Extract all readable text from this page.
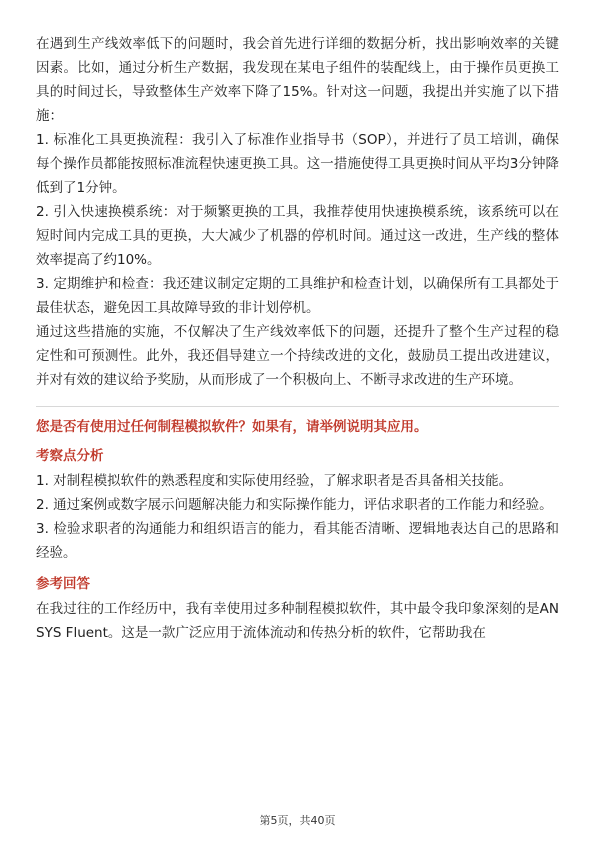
在遇到生产线效率低下的问题时，我会首先进行详细的数据分析，找出影响效率的关键因素。比如，通过分析生产数据，我发现在某电子组件的装配线上，由于操作员更换工具的时间过长，导致整体生产效率下降了15%。针对这一问题，我提出并实施了以下措施：

1. 标准化工具更换流程：我引入了标准作业指导书（SOP），并进行了员工培训，确保每个操作员都能按照标准流程快速更换工具。这一措施使得工具更换时间从平均3分钟降低到了1分钟。

2. 引入快速换模系统：对于频繁更换的工具，我推荐使用快速换模系统，该系统可以在短时间内完成工具的更换，大大减少了机器的停机时间。通过这一改进，生产线的整体效率提高了约10%。

3. 定期维护和检查：我还建议制定定期的工具维护和检查计划，以确保所有工具都处于最佳状态，避免因工具故障导致的非计划停机。

通过这些措施的实施，不仅解决了生产线效率低下的问题，还提升了整个生产过程的稳定性和可预测性。此外，我还倡导建立一个持续改进的文化，鼓励员工提出改进建议，并对有效的建议给予奖励，从而形成了一个积极向上、不断寻求改进的生产环境。

您是否有使用过任何制程模拟软件？如果有，请举例说明其应用。

考察点分析

1. 对制程模拟软件的熟悉程度和实际使用经验，了解求职者是否具备相关技能。

2. 通过案例或数字展示问题解决能力和实际操作能力，评估求职者的工作能力和经验。

3. 检验求职者的沟通能力和组织语言的能力，看其能否清晰、逻辑地表达自己的思路和经验。

参考回答

在我过往的工作经历中，我有幸使用过多种制程模拟软件，其中最令我印象深刻的是ANSYS Fluent。这是一款广泛应用于流体流动和传热分析的软件，它帮助我在

第5页，共40页
